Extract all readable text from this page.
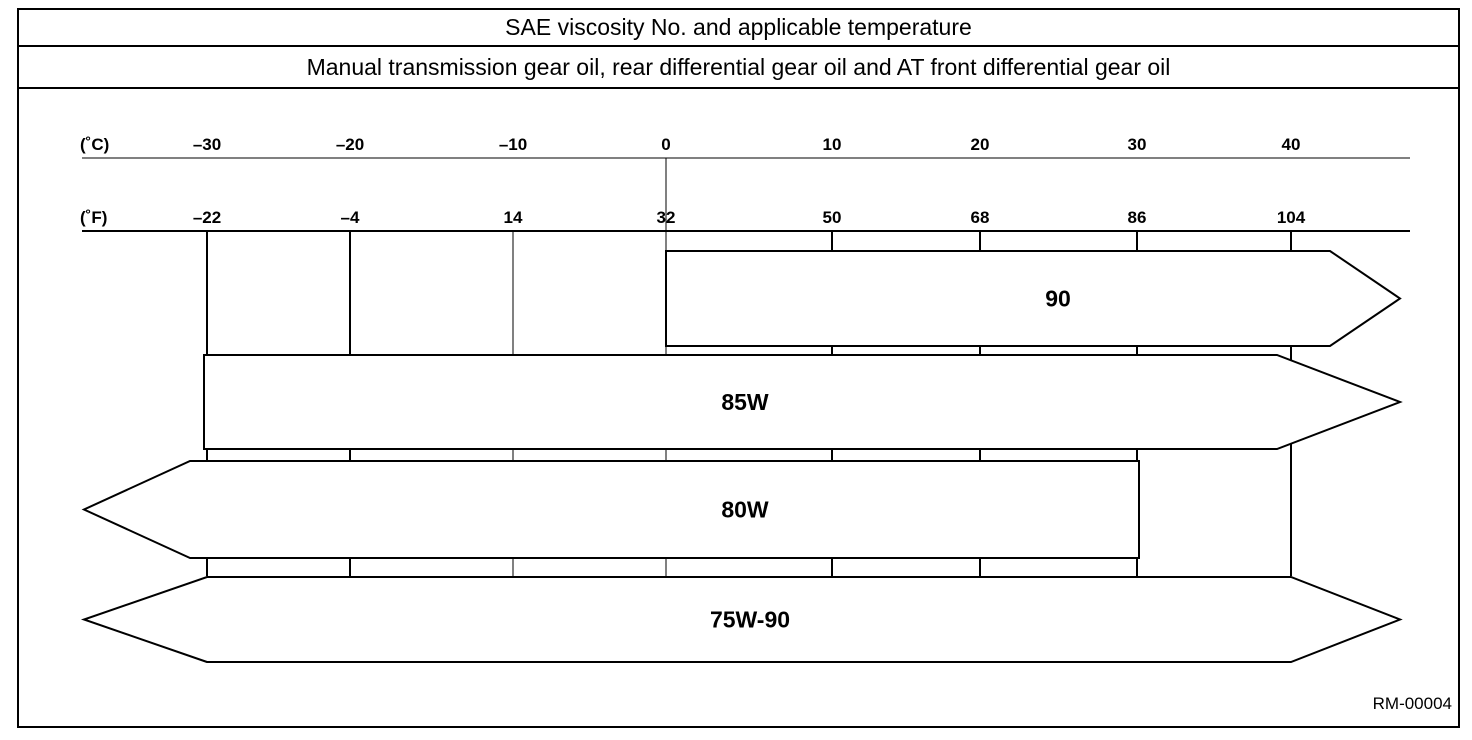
SAE viscosity No. and applicable temperature
Manual transmission gear oil, rear differential gear oil and AT front differential gear oil
90
85W
80W
75W-90
–30	–20	–10	0	10	20	30	40
–22	–4	14	32	50	68	86	104
(˚C)
(˚F)
RM-00004
